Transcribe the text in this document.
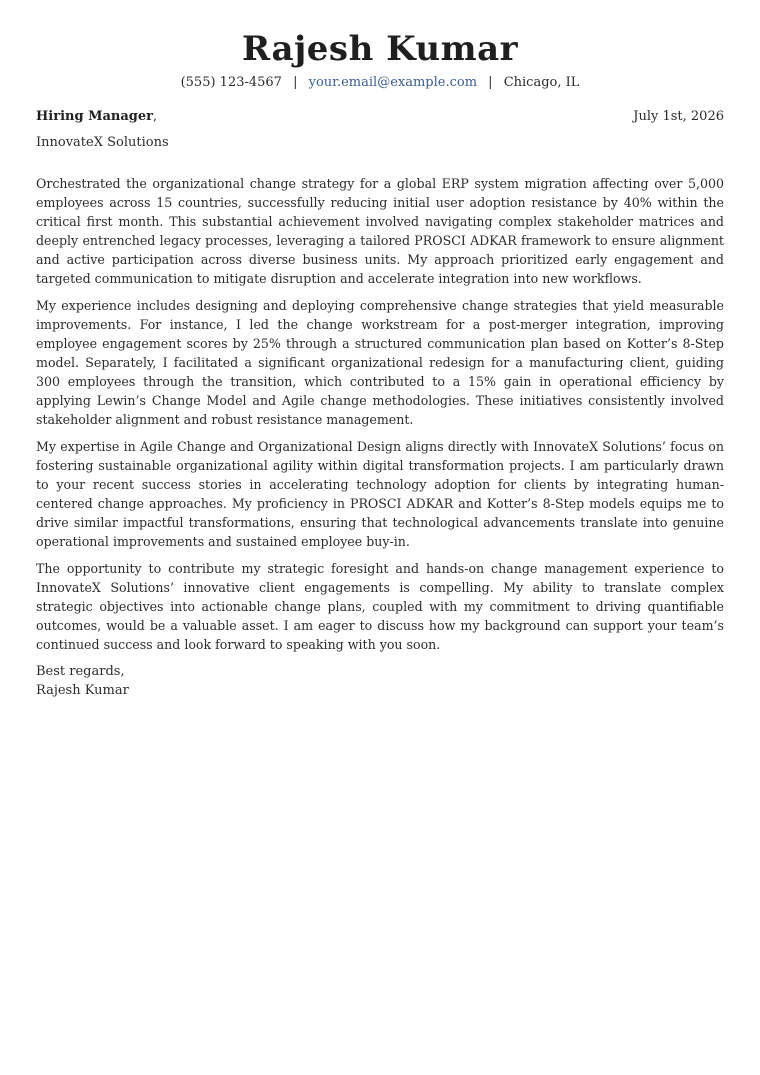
Rajesh Kumar
(555) 123-4567 | your.email@example.com | Chicago, IL
Hiring Manager,	July 1st, 2026
InnovateX Solutions

Orchestrated the organizational change strategy for a global ERP system migration affecting over 5,000 employees across 15 countries, successfully reducing initial user adoption resistance by 40% within the critical first month. This substantial achievement involved navigating complex stakeholder matrices and deeply entrenched legacy processes, leveraging a tailored PROSCI ADKAR framework to ensure alignment and active participation across diverse business units. My approach prioritized early engagement and targeted communication to mitigate disruption and accelerate integration into new workflows.

My experience includes designing and deploying comprehensive change strategies that yield measurable improvements. For instance, I led the change workstream for a post-merger integration, improving employee engagement scores by 25% through a structured communication plan based on Kotter’s 8-Step model. Separately, I facilitated a significant organizational redesign for a manufacturing client, guiding 300 employees through the transition, which contributed to a 15% gain in operational efficiency by applying Lewin’s Change Model and Agile change methodologies. These initiatives consistently involved stakeholder alignment and robust resistance management.

My expertise in Agile Change and Organizational Design aligns directly with InnovateX Solutions’ focus on fostering sustainable organizational agility within digital transformation projects. I am particularly drawn to your recent success stories in accelerating technology adoption for clients by integrating human-centered change approaches. My proficiency in PROSCI ADKAR and Kotter’s 8-Step models equips me to drive similar impactful transformations, ensuring that technological advancements translate into genuine operational improvements and sustained employee buy-in.

The opportunity to contribute my strategic foresight and hands-on change management experience to InnovateX Solutions’ innovative client engagements is compelling. My ability to translate complex strategic objectives into actionable change plans, coupled with my commitment to driving quantifiable outcomes, would be a valuable asset. I am eager to discuss how my background can support your team’s continued success and look forward to speaking with you soon.

Best regards,
Rajesh Kumar
